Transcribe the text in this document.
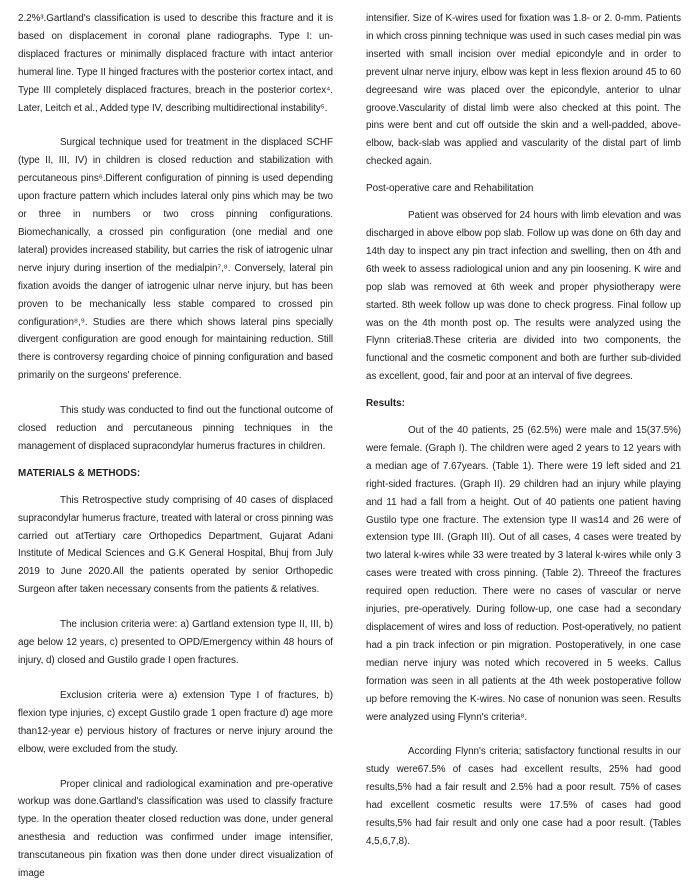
2.2%³.Gartland's classification is used to describe this fracture and it is based on displacement in coronal plane radiographs. Type I: un-displaced fractures or minimally displaced fracture with intact anterior humeral line. Type II hinged fractures with the posterior cortex intact, and Type III completely displaced fractures, breach in the posterior cortex⁴. Later, Leitch et al., Added type IV, describing multidirectional instability⁵.

Surgical technique used for treatment in the displaced SCHF (type II, III, IV) in children is closed reduction and stabilization with percutaneous pins⁶.Different configuration of pinning is used depending upon fracture pattern which includes lateral only pins which may be two or three in numbers or two cross pinning configurations. Biomechanically, a crossed pin configuration (one medial and one lateral) provides increased stability, but carries the risk of iatrogenic ulnar nerve injury during insertion of the medialpin⁷,⁸. Conversely, lateral pin fixation avoids the danger of iatrogenic ulnar nerve injury, but has been proven to be mechanically less stable compared to crossed pin configuration⁸,⁹. Studies are there which shows lateral pins specially divergent configuration are good enough for maintaining reduction. Still there is controversy regarding choice of pinning configuration and based primarily on the surgeons' preference.

This study was conducted to find out the functional outcome of closed reduction and percutaneous pinning techniques in the management of displaced supracondylar humerus fractures in children.

MATERIALS & METHODS:

This Retrospective study comprising of 40 cases of displaced supracondylar humerus fracture, treated with lateral or cross pinning was carried out atTertiary care Orthopedics Department, Gujarat Adani Institute of Medical Sciences and G.K General Hospital, Bhuj from July 2019 to June 2020.All the patients operated by senior Orthopedic Surgeon after taken necessary consents from the patients & relatives.

The inclusion criteria were: a) Gartland extension type II, III, b) age below 12 years, c) presented to OPD/Emergency within 48 hours of injury, d) closed and Gustilo grade I open fractures.

Exclusion criteria were a) extension Type I of fractures, b) flexion type injuries, c) except Gustilo grade 1 open fracture d) age more than12-year e) pervious history of fractures or nerve injury around the elbow, were excluded from the study.

Proper clinical and radiological examination and pre-operative workup was done.Gartland's classification was used to classify fracture type. In the operation theater closed reduction was done, under general anesthesia and reduction was confirmed under image intensifier, transcutaneous pin fixation was then done under direct visualization of image

intensifier. Size of K-wires used for fixation was 1.8- or 2. 0-mm. Patients in which cross pinning technique was used in such cases medial pin was inserted with small incision over medial epicondyle and in order to prevent ulnar nerve injury, elbow was kept in less flexion around 45 to 60 degreesand wire was placed over the epicondyle, anterior to ulnar groove.Vascularity of distal limb were also checked at this point. The pins were bent and cut off outside the skin and a well-padded, above-elbow, back-slab was applied and vascularity of the distal part of limb checked again.

Post-operative care and Rehabilitation

Patient was observed for 24 hours with limb elevation and was discharged in above elbow pop slab. Follow up was done on 6th day and 14th day to inspect any pin tract infection and swelling, then on 4th and 6th week to assess radiological union and any pin loosening. K wire and pop slab was removed at 6th week and proper physiotherapy were started. 8th week follow up was done to check progress. Final follow up was on the 4th month post op. The results were analyzed using the Flynn criteria8.These criteria are divided into two components, the functional and the cosmetic component and both are further sub-divided as excellent, good, fair and poor at an interval of five degrees.

Results:

Out of the 40 patients, 25 (62.5%) were male and 15(37.5%) were female. (Graph I). The children were aged 2 years to 12 years with a median age of 7.67years. (Table 1). There were 19 left sided and 21 right-sided fractures. (Graph II). 29 children had an injury while playing and 11 had a fall from a height. Out of 40 patients one patient having Gustilo type one fracture. The extension type II was14 and 26 were of extension type III. (Graph III). Out of all cases, 4 cases were treated by two lateral k-wires while 33 were treated by 3 lateral k-wires while only 3 cases were treated with cross pinning. (Table 2). Threeof the fractures required open reduction. There were no cases of vascular or nerve injuries, pre-operatively. During follow-up, one case had a secondary displacement of wires and loss of reduction. Post-operatively, no patient had a pin track infection or pin migration. Postoperatively, in one case median nerve injury was noted which recovered in 5 weeks. Callus formation was seen in all patients at the 4th week postoperative follow up before removing the K-wires. No case of nonunion was seen. Results were analyzed using Flynn's criteria⁸.

According Flynn's criteria; satisfactory functional results in our study were67.5% of cases had excellent results, 25% had good results,5% had a fair result and 2.5% had a poor result. 75% of cases had excellent cosmetic results were 17.5% of cases had good results,5% had fair result and only one case had a poor result. (Tables 4,5,6,7,8).
